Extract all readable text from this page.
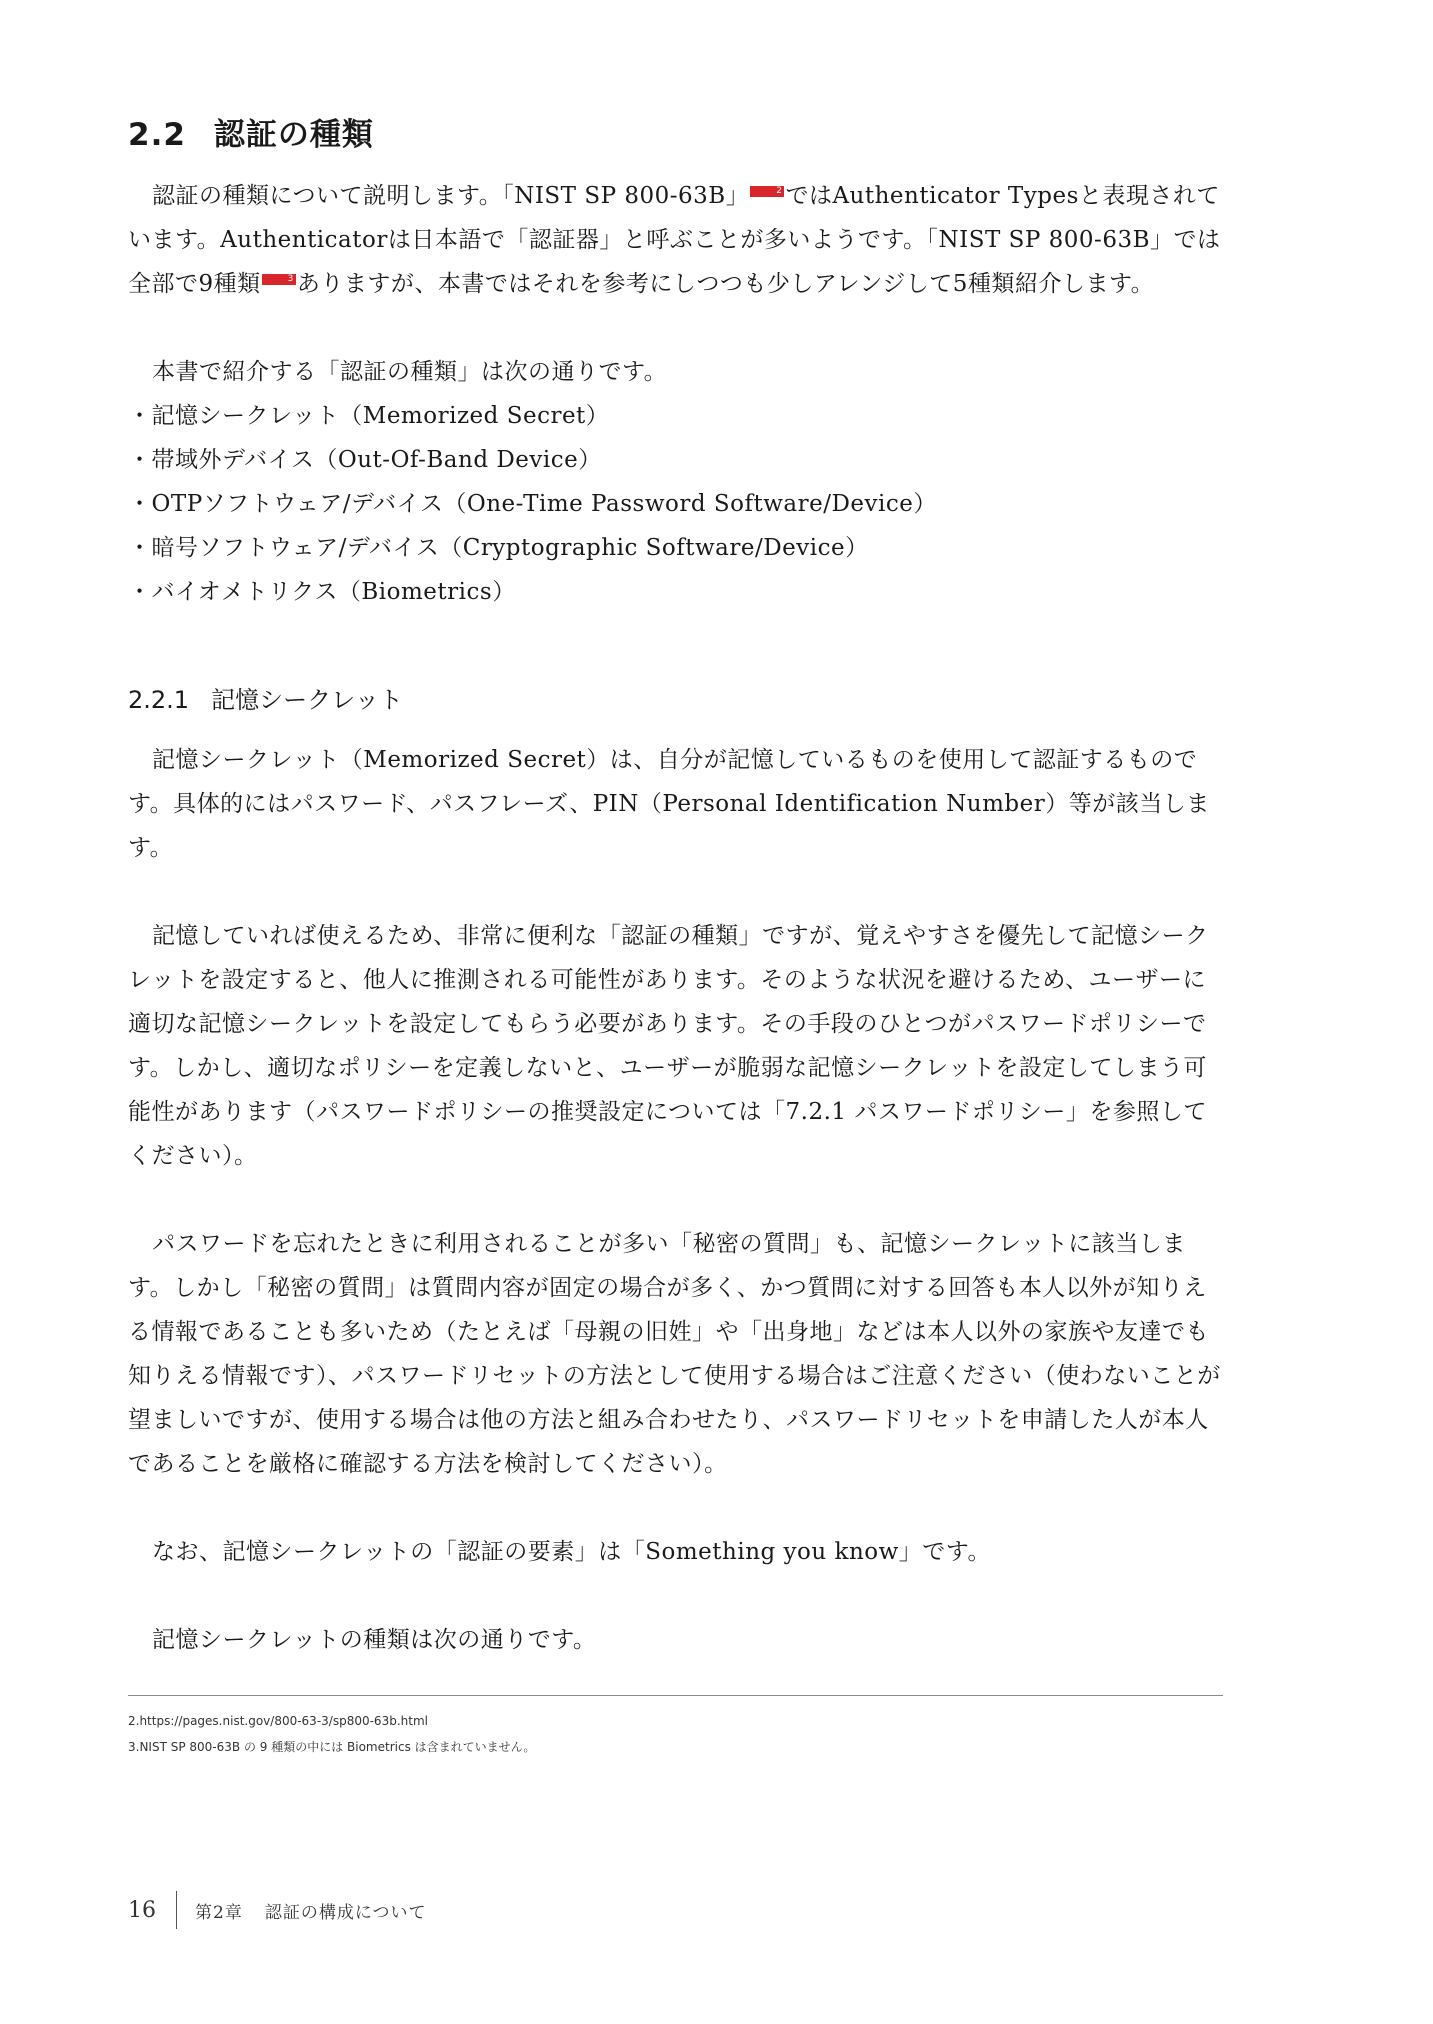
2.2 認証の種類

認証の種類について説明します。「NIST SP 800-63B」	2 ではAuthenticator Typesと表現されています。Authenticatorは日本語で「認証器」と呼ぶことが多いようです。「NIST SP 800-63B」では全部で9種類	3 ありますが、本書ではそれを参考にしつつも少しアレンジして5種類紹介します。

本書で紹介する「認証の種類」は次の通りです。

・記憶シークレット（Memorized Secret）
・帯域外デバイス（Out-Of-Band Device）
・OTPソフトウェア/デバイス（One-Time Password Software/Device）
・暗号ソフトウェア/デバイス（Cryptographic Software/Device）
・バイオメトリクス（Biometrics）
2.2.1 記憶シークレット

記憶シークレット（Memorized Secret）は、自分が記憶しているものを使用して認証するものです。具体的にはパスワード、パスフレーズ、PIN（Personal Identification Number）等が該当します。

記憶していれば使えるため、非常に便利な「認証の種類」ですが、覚えやすさを優先して記憶シークレットを設定すると、他人に推測される可能性があります。そのような状況を避けるため、ユーザーに適切な記憶シークレットを設定してもらう必要があります。その手段のひとつがパスワードポリシーです。しかし、適切なポリシーを定義しないと、ユーザーが脆弱な記憶シークレットを設定してしまう可能性があります（パスワードポリシーの推奨設定については「7.2.1 パスワードポリシー」を参照してください）。

パスワードを忘れたときに利用されることが多い「秘密の質問」も、記憶シークレットに該当します。しかし「秘密の質問」は質問内容が固定の場合が多く、かつ質問に対する回答も本人以外が知りえる情報であることも多いため（たとえば「母親の旧姓」や「出身地」などは本人以外の家族や友達でも知りえる情報です）、パスワードリセットの方法として使用する場合はご注意ください（使わないことが望ましいですが、使用する場合は他の方法と組み合わせたり、パスワードリセットを申請した人が本人であることを厳格に確認する方法を検討してください）。

なお、記憶シークレットの「認証の要素」は「Something you know」です。

記憶シークレットの種類は次の通りです。

2.https://pages.nist.gov/800-63-3/sp800-63b.html
3.NIST SP 800-63B の 9 種類の中には Biometrics は含まれていません。
16	第2章 認証の構成について
